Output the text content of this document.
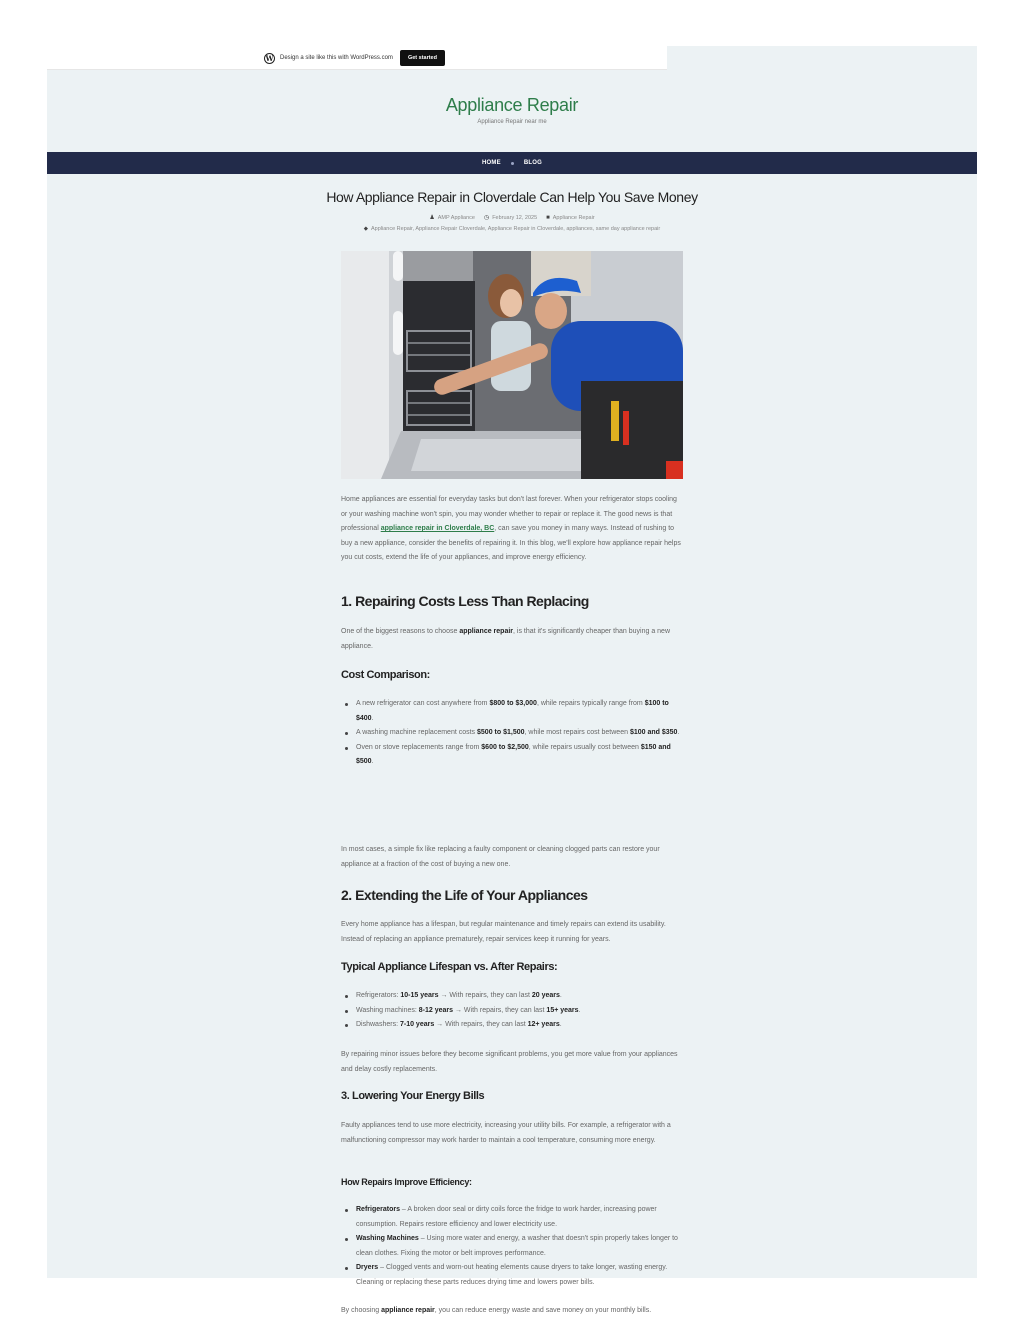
W Design a site like this with WordPress.com	Get started
Appliance Repair
Appliance Repair near me
HOME	BLOG
How Appliance Repair in Cloverdale Can Help You Save Money
♟ AMP Appliance ◷ February 12, 2025 ■ Appliance Repair
◆ Appliance Repair, Appliance Repair Cloverdale, Appliance Repair in Cloverdale, appliances, same day appliance repair

Home appliances are essential for everyday tasks but don't last forever. When your refrigerator stops cooling or your washing machine won't spin, you may wonder whether to repair or replace it. The good news is that professional appliance repair in Cloverdale, BC, can save you money in many ways. Instead of rushing to buy a new appliance, consider the benefits of repairing it. In this blog, we'll explore how appliance repair helps you cut costs, extend the life of your appliances, and improve energy efficiency.

1. Repairing Costs Less Than Replacing

One of the biggest reasons to choose appliance repair, is that it's significantly cheaper than buying a new appliance.

Cost Comparison:
A new refrigerator can cost anywhere from $800 to $3,000, while repairs typically range from $100 to $400.
A washing machine replacement costs $500 to $1,500, while most repairs cost between $100 and $350.
Oven or stove replacements range from $600 to $2,500, while repairs usually cost between $150 and $500.

In most cases, a simple fix like replacing a faulty component or cleaning clogged parts can restore your appliance at a fraction of the cost of buying a new one.

2. Extending the Life of Your Appliances

Every home appliance has a lifespan, but regular maintenance and timely repairs can extend its usability. Instead of replacing an appliance prematurely, repair services keep it running for years.

Typical Appliance Lifespan vs. After Repairs:
Refrigerators: 10-15 years → With repairs, they can last 20 years.
Washing machines: 8-12 years → With repairs, they can last 15+ years.
Dishwashers: 7-10 years → With repairs, they can last 12+ years.

By repairing minor issues before they become significant problems, you get more value from your appliances and delay costly replacements.

3. Lowering Your Energy Bills

Faulty appliances tend to use more electricity, increasing your utility bills. For example, a refrigerator with a malfunctioning compressor may work harder to maintain a cool temperature, consuming more energy.

How Repairs Improve Efficiency:
Refrigerators – A broken door seal or dirty coils force the fridge to work harder, increasing power consumption. Repairs restore efficiency and lower electricity use.
Washing Machines – Using more water and energy, a washer that doesn't spin properly takes longer to clean clothes. Fixing the motor or belt improves performance.
Dryers – Clogged vents and worn-out heating elements cause dryers to take longer, wasting energy. Cleaning or replacing these parts reduces drying time and lowers power bills.

By choosing appliance repair, you can reduce energy waste and save money on your monthly bills.
